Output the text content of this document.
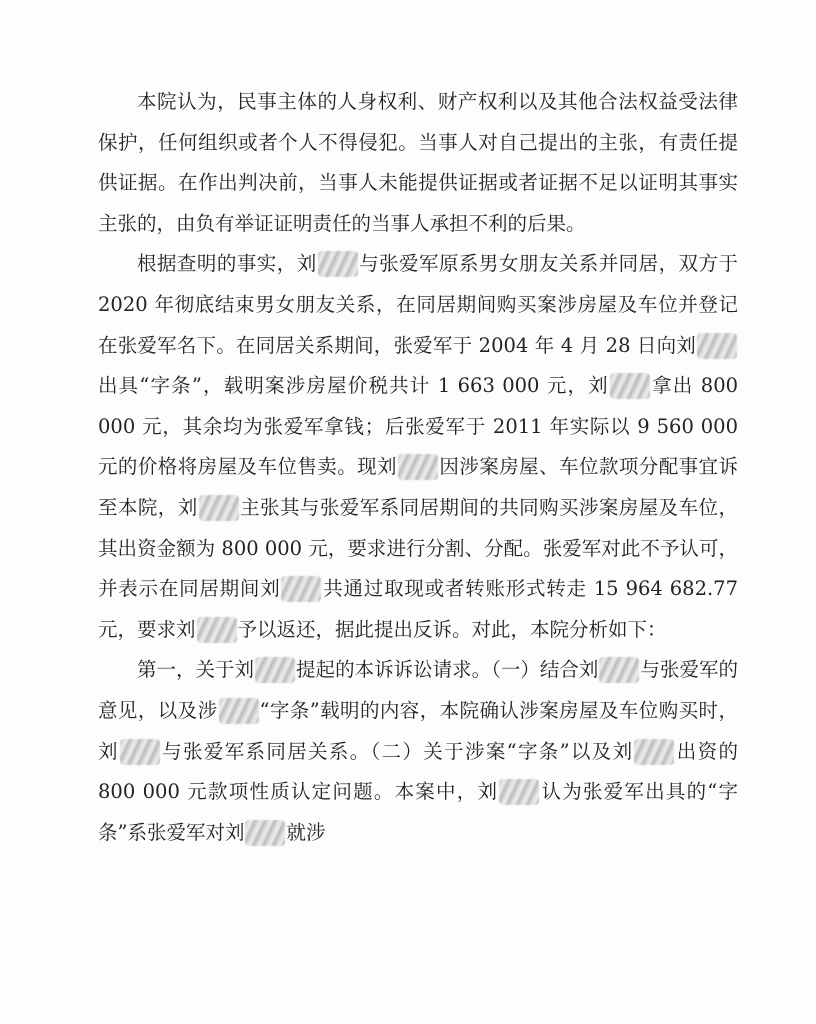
本院认为，民事主体的人身权利、财产权利以及其他合法权益受法律保护，任何组织或者个人不得侵犯。当事人对自己提出的主张，有责任提供证据。在作出判决前，当事人未能提供证据或者证据不足以证明其事实主张的，由负有举证证明责任的当事人承担不利的后果。

根据查明的事实，刘 与张爱军原系男女朋友关系并同居，双方于 2020 年彻底结束男女朋友关系，在同居期间购买案涉房屋及车位并登记在张爱军名下。在同居关系期间，张爱军于 2004 年 4 月 28 日向刘出具“字条”，载明案涉房屋价税共计 1 663 000 元，刘 拿出 800 000 元，其余均为张爱军拿钱；后张爱军于 2011 年实际以 9 560 000 元的价格将房屋及车位售卖。现刘 因涉案房屋、车位款项分配事宜诉至本院，刘 主张其与张爱军系同居期间的共同购买涉案房屋及车位，其出资金额为 800 000 元，要求进行分割、分配。张爱军对此不予认可，并表示在同居期间刘 共通过取现或者转账形式转走 15 964 682.77 元，要求刘 予以返还，据此提出反诉。对此，本院分析如下：

第一，关于刘 提起的本诉诉讼请求。（一）结合刘 与张爱军的意见，以及涉 “字条”载明的内容，本院确认涉案房屋及车位购买时，刘 与张爱军系同居关系。（二）关于涉案“字条”以及刘 出资的 800 000 元款项性质认定问题。本案中，刘 认为张爱军出具的“字条”系张爱军对刘 就涉
